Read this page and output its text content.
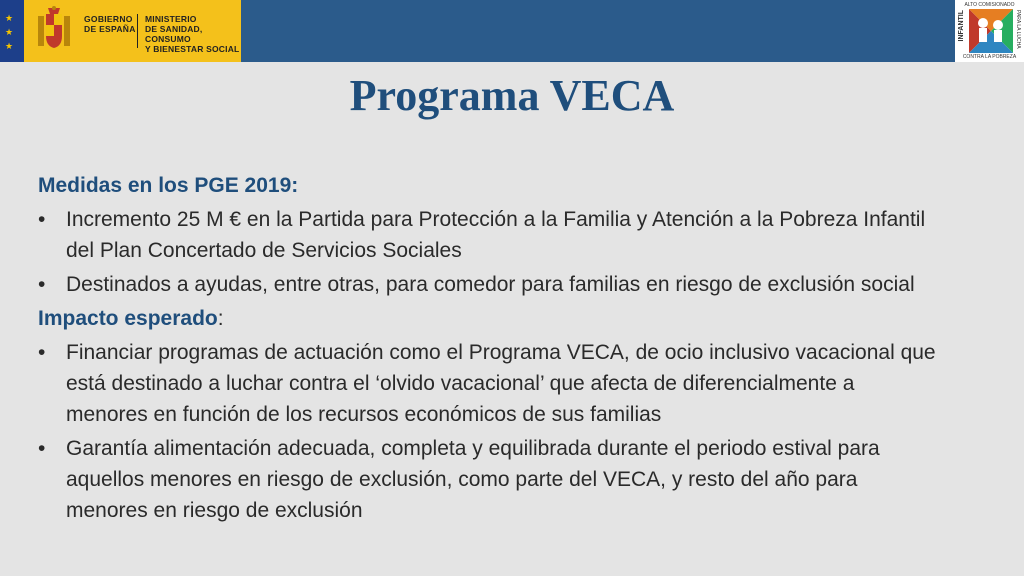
★
★
★
GOBIERNO
DE ESPAÑA
MINISTERIO
DE SANIDAD, CONSUMO
Y BIENESTAR SOCIAL
ALTO COMISIONADO
INFANTIL	PARA LA LUCHA
CONTRA LA POBREZA
Programa VECA
Medidas en los PGE 2019:
• Incremento 25 M € en la Partida para Protección a la Familia y Atención a la Pobreza Infantil del Plan Concertado de Servicios Sociales
• Destinados a ayudas, entre otras, para comedor para familias en riesgo de exclusión social
Impacto esperado:
• Financiar programas de actuación como el Programa VECA, de ocio inclusivo vacacional que está destinado a luchar contra el ‘olvido vacacional’ que afecta de diferencialmente a menores en función de los recursos económicos de sus familias
• Garantía alimentación adecuada, completa y equilibrada durante el periodo estival para aquellos menores en riesgo de exclusión, como parte del VECA, y resto del año para menores en riesgo de exclusión
